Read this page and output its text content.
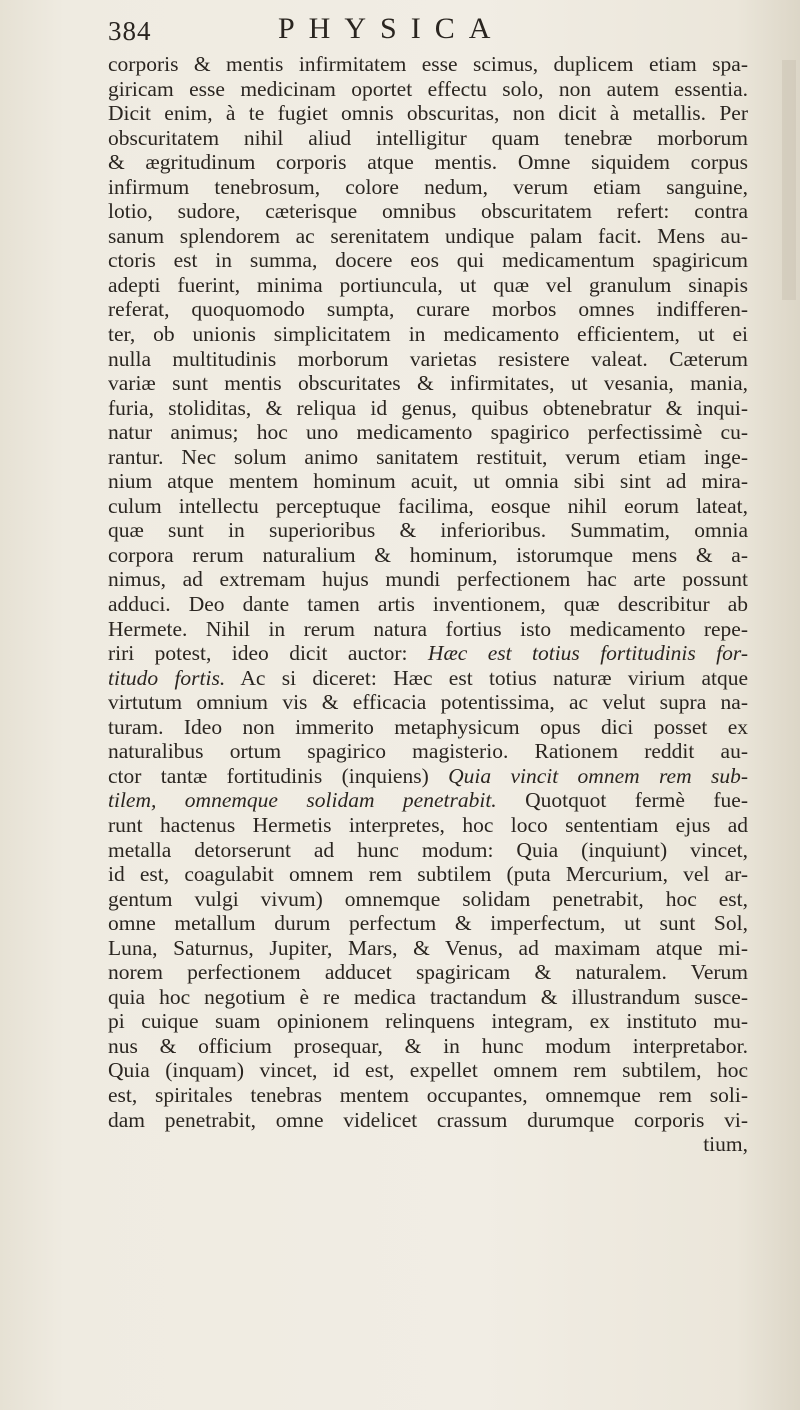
384	PHYSICA
corporis & mentis infirmitatem esse scimus, duplicem etiam spa-
giricam esse medicinam oportet effectu solo, non autem essentia.
Dicit enim, à te fugiet omnis obscuritas, non dicit à metallis. Per
obscuritatem nihil aliud intelligitur quam tenebræ morborum
& ægritudinum corporis atque mentis. Omne siquidem corpus
infirmum tenebrosum, colore nedum, verum etiam sanguine,
lotio, sudore, cæterisque omnibus obscuritatem refert: contra
sanum splendorem ac serenitatem undique palam facit. Mens au-
ctoris est in summa, docere eos qui medicamentum spagiricum
adepti fuerint, minima portiuncula, ut quæ vel granulum sinapis
referat, quoquomodo sumpta, curare morbos omnes indifferen-
ter, ob unionis simplicitatem in medicamento efficientem, ut ei
nulla multitudinis morborum varietas resistere valeat. Cæterum
variæ sunt mentis obscuritates & infirmitates, ut vesania, mania,
furia, stoliditas, & reliqua id genus, quibus obtenebratur & inqui-
natur animus; hoc uno medicamento spagirico perfectissimè cu-
rantur. Nec solum animo sanitatem restituit, verum etiam inge-
nium atque mentem hominum acuit, ut omnia sibi sint ad mira-
culum intellectu perceptuque facilima, eosque nihil eorum lateat,
quæ sunt in superioribus & inferioribus. Summatim, omnia
corpora rerum naturalium & hominum, istorumque mens & a-
nimus, ad extremam hujus mundi perfectionem hac arte possunt
adduci. Deo dante tamen artis inventionem, quæ describitur ab
Hermete. Nihil in rerum natura fortius isto medicamento repe-
riri potest, ideo dicit auctor: Hæc est totius fortitudinis for-
titudo fortis. Ac si diceret: Hæc est totius naturæ virium atque
virtutum omnium vis & efficacia potentissima, ac velut supra na-
turam. Ideo non immerito metaphysicum opus dici posset ex
naturalibus ortum spagirico magisterio. Rationem reddit au-
ctor tantæ fortitudinis (inquiens) Quia vincit omnem rem sub-
tilem, omnemque solidam penetrabit. Quotquot fermè fue-
runt hactenus Hermetis interpretes, hoc loco sententiam ejus ad
metalla detorserunt ad hunc modum: Quia (inquiunt) vincet,
id est, coagulabit omnem rem subtilem (puta Mercurium, vel ar-
gentum vulgi vivum) omnemque solidam penetrabit, hoc est,
omne metallum durum perfectum & imperfectum, ut sunt Sol,
Luna, Saturnus, Jupiter, Mars, & Venus, ad maximam atque mi-
norem perfectionem adducet spagiricam & naturalem. Verum
quia hoc negotium è re medica tractandum & illustrandum susce-
pi cuique suam opinionem relinquens integram, ex instituto mu-
nus & officium prosequar, & in hunc modum interpretabor.
Quia (inquam) vincet, id est, expellet omnem rem subtilem, hoc
est, spiritales tenebras mentem occupantes, omnemque rem soli-
dam penetrabit, omne videlicet crassum durumque corporis vi-
tium,
